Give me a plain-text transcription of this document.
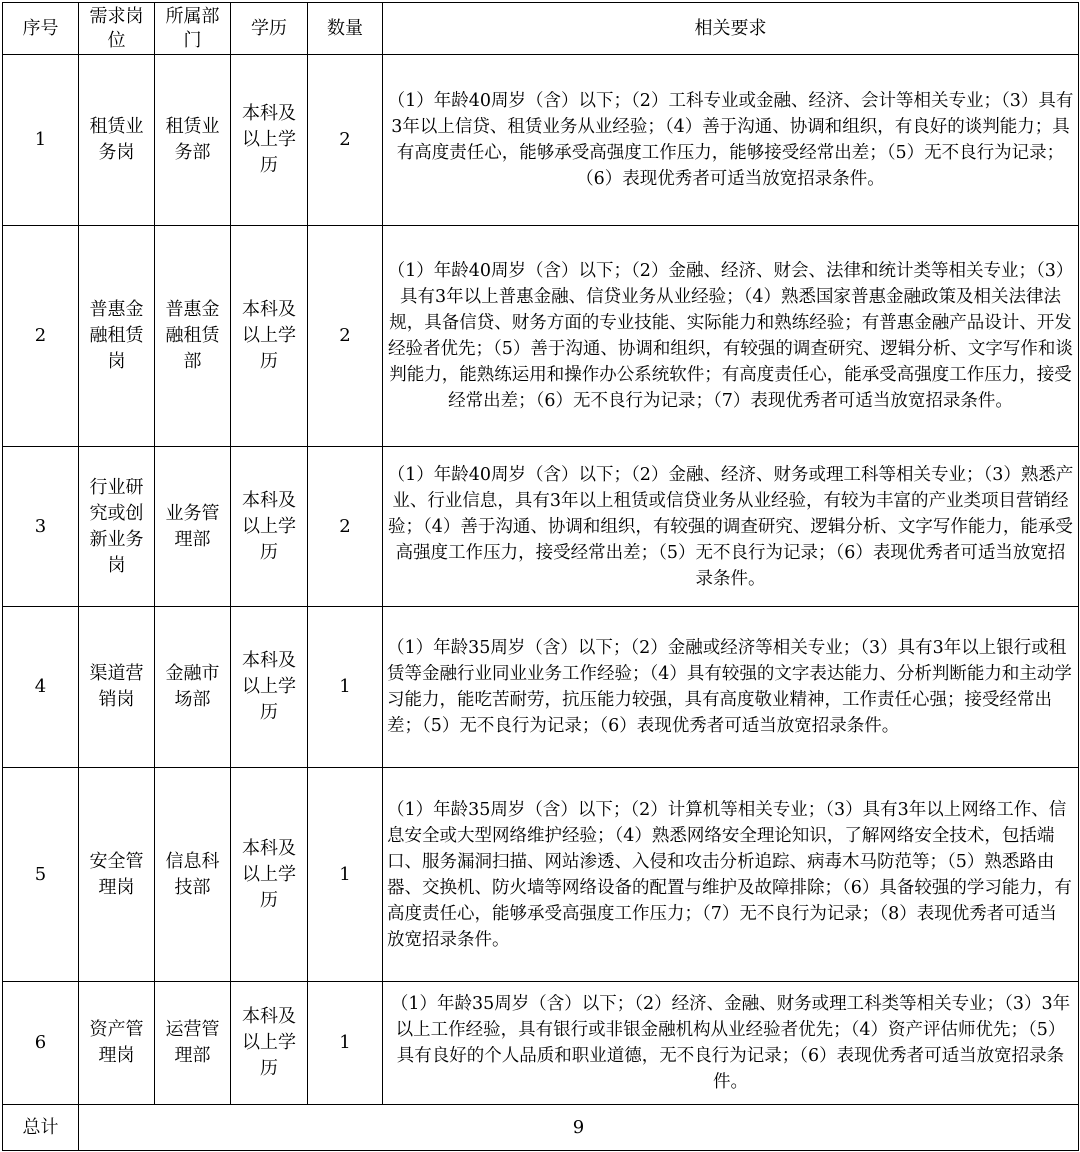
序号	需求岗位	所属部门	学历	数量	相关要求
1	租赁业务岗	租赁业务部	本科及以上学历	2	（1）年龄40周岁（含）以下；（2）工科专业或金融、经济、会计等相关专业；（3）具有3年以上信贷、租赁业务从业经验；（4）善于沟通、协调和组织，有良好的谈判能力；具有高度责任心，能够承受高强度工作压力，能够接受经常出差；（5）无不良行为记录；（6）表现优秀者可适当放宽招录条件。
2	普惠金融租赁岗	普惠金融租赁部	本科及以上学历	2	（1）年龄40周岁（含）以下；（2）金融、经济、财会、法律和统计类等相关专业；（3）具有3年以上普惠金融、信贷业务从业经验；（4）熟悉国家普惠金融政策及相关法律法规，具备信贷、财务方面的专业技能、实际能力和熟练经验；有普惠金融产品设计、开发经验者优先；（5）善于沟通、协调和组织，有较强的调查研究、逻辑分析、文字写作和谈判能力，能熟练运用和操作办公系统软件；有高度责任心，能承受高强度工作压力，接受经常出差；（6）无不良行为记录；（7）表现优秀者可适当放宽招录条件。
3	行业研究或创新业务岗	业务管理部	本科及以上学历	2	（1）年龄40周岁（含）以下；（2）金融、经济、财务或理工科等相关专业；（3）熟悉产业、行业信息，具有3年以上租赁或信贷业务从业经验，有较为丰富的产业类项目营销经验；（4）善于沟通、协调和组织，有较强的调查研究、逻辑分析、文字写作能力，能承受高强度工作压力，接受经常出差；（5）无不良行为记录；（6）表现优秀者可适当放宽招录条件。
4	渠道营销岗	金融市场部	本科及以上学历	1	（1）年龄35周岁（含）以下；（2）金融或经济等相关专业；（3）具有3年以上银行或租赁等金融行业同业业务工作经验；（4）具有较强的文字表达能力、分析判断能力和主动学习能力，能吃苦耐劳，抗压能力较强，具有高度敬业精神，工作责任心强；接受经常出差；（5）无不良行为记录；（6）表现优秀者可适当放宽招录条件。
5	安全管理岗	信息科技部	本科及以上学历	1	（1）年龄35周岁（含）以下；（2）计算机等相关专业；（3）具有3年以上网络工作、信息安全或大型网络维护经验；（4）熟悉网络安全理论知识，了解网络安全技术，包括端口、服务漏洞扫描、网站渗透、入侵和攻击分析追踪、病毒木马防范等；（5）熟悉路由器、交换机、防火墙等网络设备的配置与维护及故障排除；（6）具备较强的学习能力，有高度责任心，能够承受高强度工作压力；（7）无不良行为记录；（8）表现优秀者可适当放宽招录条件。
6	资产管理岗	运营管理部	本科及以上学历	1	（1）年龄35周岁（含）以下；（2）经济、金融、财务或理工科类等相关专业；（3）3年以上工作经验，具有银行或非银金融机构从业经验者优先；（4）资产评估师优先；（5）具有良好的个人品质和职业道德，无不良行为记录；（6）表现优秀者可适当放宽招录条件。
总计	9				
